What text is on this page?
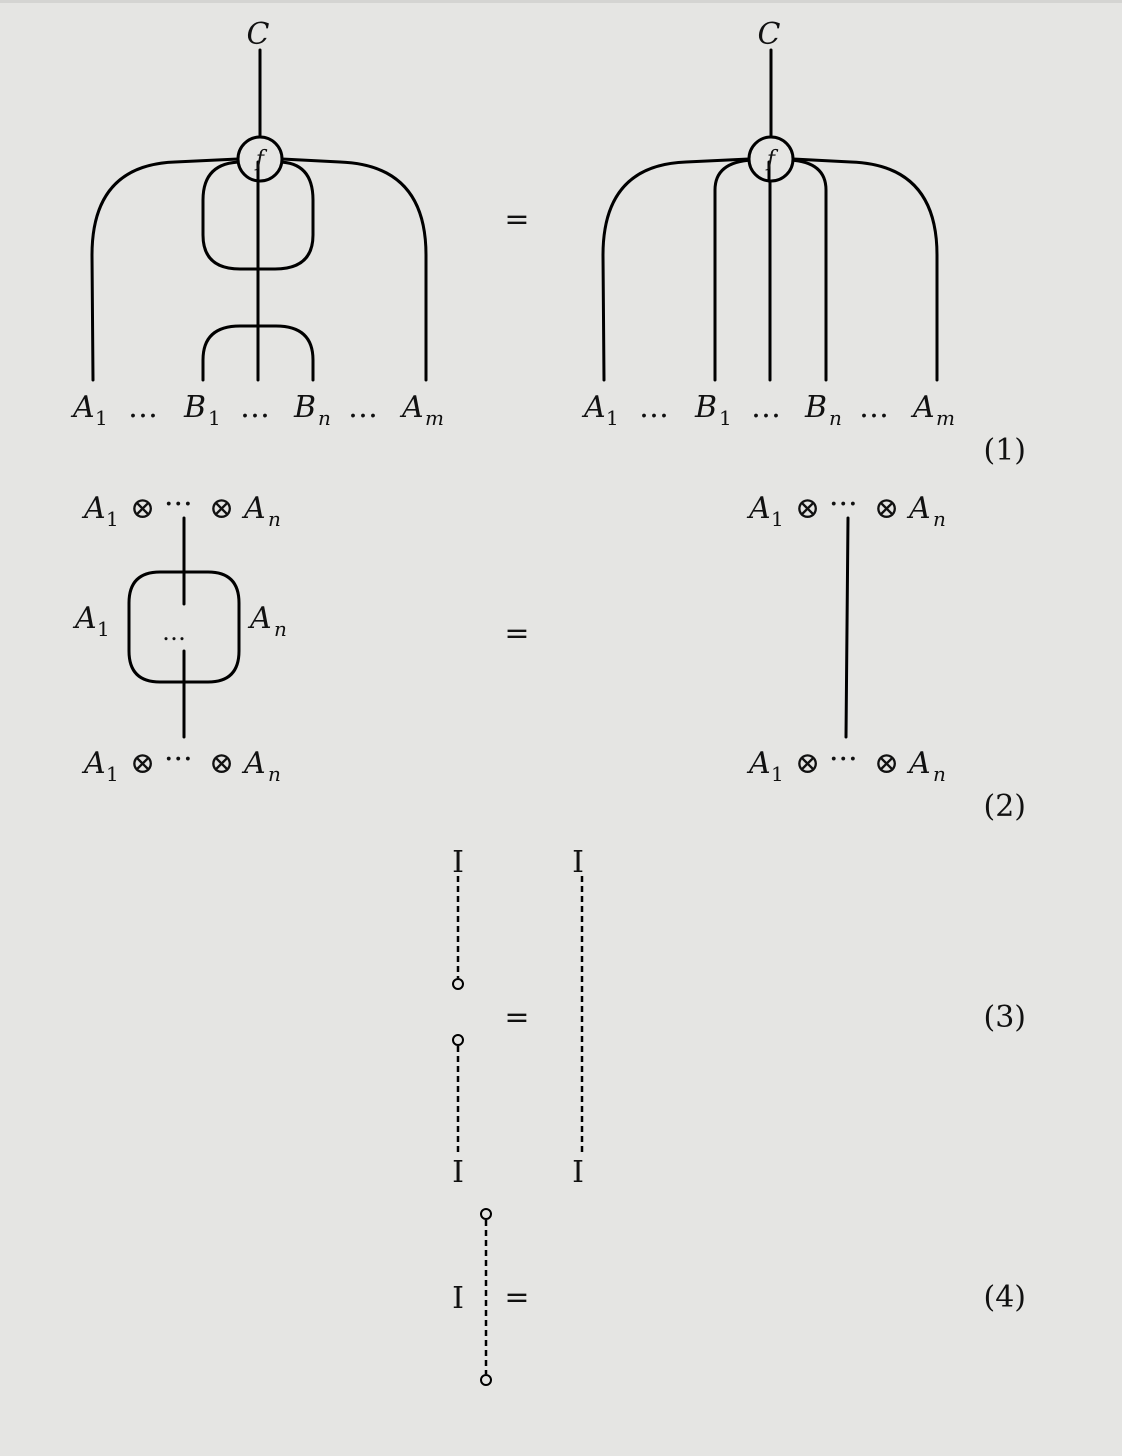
C
f
A 1 … B 1 … B n … A m
=
C
f
A 1 … B 1 … B n … A m
(1)
A 1 ⊗ ··· ⊗ A n
…
A 1	A n
A 1 ⊗ ··· ⊗ A n
=
A 1 ⊗ ··· ⊗ A n
A 1 ⊗ ··· ⊗ A n
(2)
I
I
I
I
=	(3)
I =	(4)
